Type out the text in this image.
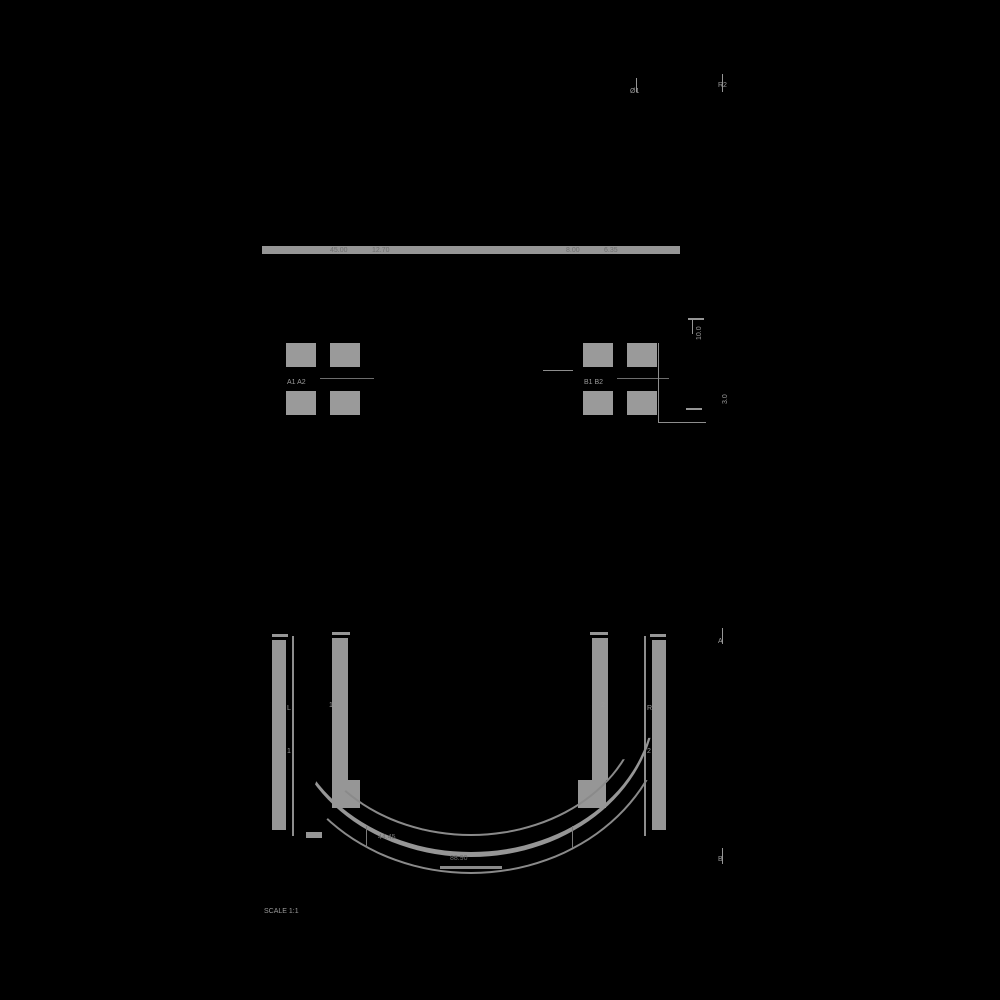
Ø1
R2
45.00	12.70	8.00	6.35
10.0
A1 A2	B1 B2
3.0
L
1
1	R
2
2
88.90
44.45
A
B
SCALE 1:1
